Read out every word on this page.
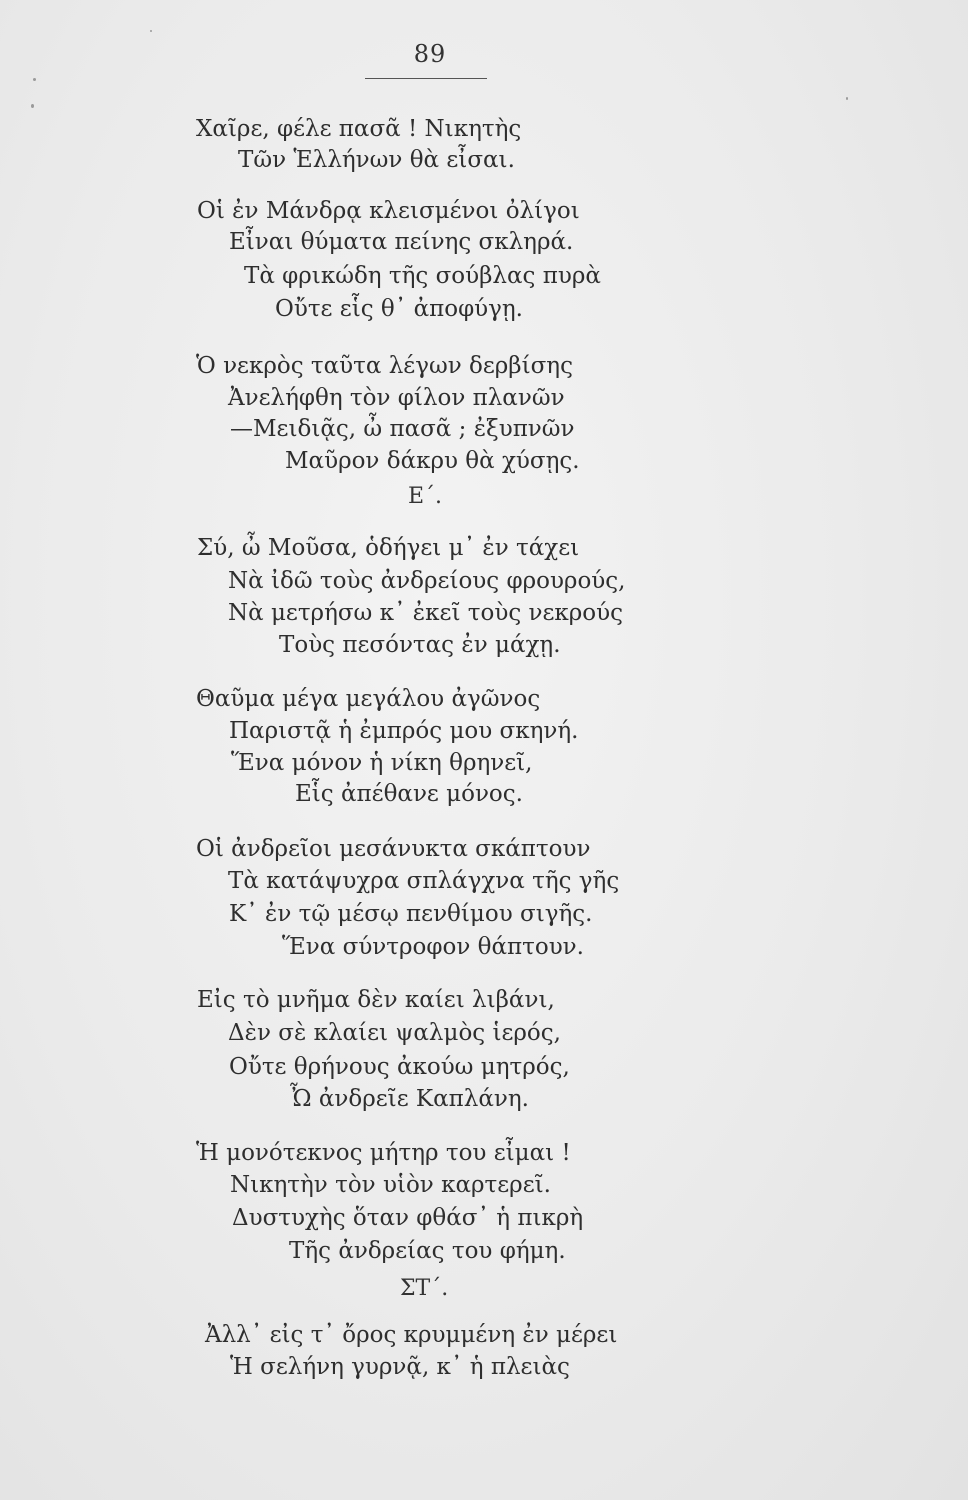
89
Χαῖρε, φέλε πασᾶ ! Νικητὴς
Τῶν Ἑλλήνων θὰ εἶσαι.
Οἱ ἐν Μάνδρᾳ κλεισμένοι ὀλίγοι
Εἶναι θύματα πείνης σκληρά.
Τὰ φρικώδη τῆς σούβλας πυρὰ
Οὔτε εἷς θ᾽ ἀποφύγῃ.
Ὁ νεκρὸς ταῦτα λέγων δερβίσης
Ἀνελήφθη τὸν φίλον πλανῶν
—Μειδιᾷς, ὦ πασᾶ ; ἐξυπνῶν
Μαῦρον δάκρυ θὰ χύσῃς.
Ε΄.
Σύ, ὦ Μοῦσα, ὁδήγει μ᾽ ἐν τάχει
Νὰ ἰδῶ τοὺς ἀνδρείους φρουρούς,
Νὰ μετρήσω κ᾽ ἐκεῖ τοὺς νεκρούς
Τοὺς πεσόντας ἐν μάχῃ.
Θαῦμα μέγα μεγάλου ἀγῶνος
Παριστᾷ ἡ ἐμπρός μου σκηνή.
Ἕνα μόνον ἡ νίκη θρηνεῖ,
Εἷς ἀπέθανε μόνος.
Οἱ ἀνδρεῖοι μεσάνυκτα σκάπτουν
Τὰ κατάψυχρα σπλάγχνα τῆς γῆς
Κ᾽ ἐν τῷ μέσῳ πενθίμου σιγῆς.
Ἕνα σύντροφον θάπτουν.
Εἰς τὸ μνῆμα δὲν καίει λιβάνι,
Δὲν σὲ κλαίει ψαλμὸς ἱερός,
Οὔτε θρήνους ἀκούω μητρός,
Ὦ ἀνδρεῖε Καπλάνη.
Ἡ μονότεκνος μήτηρ του εἶμαι !
Νικητὴν τὸν υἱὸν καρτερεῖ.
Δυστυχὴς ὅταν φθάσ᾽ ἡ πικρὴ
Τῆς ἀνδρείας του φήμη.
ΣΤ΄.
Ἀλλ᾽ εἰς τ᾽ ὄρος κρυμμένη ἐν μέρει
Ἡ σελήνη γυρνᾷ, κ᾽ ἡ πλειὰς
